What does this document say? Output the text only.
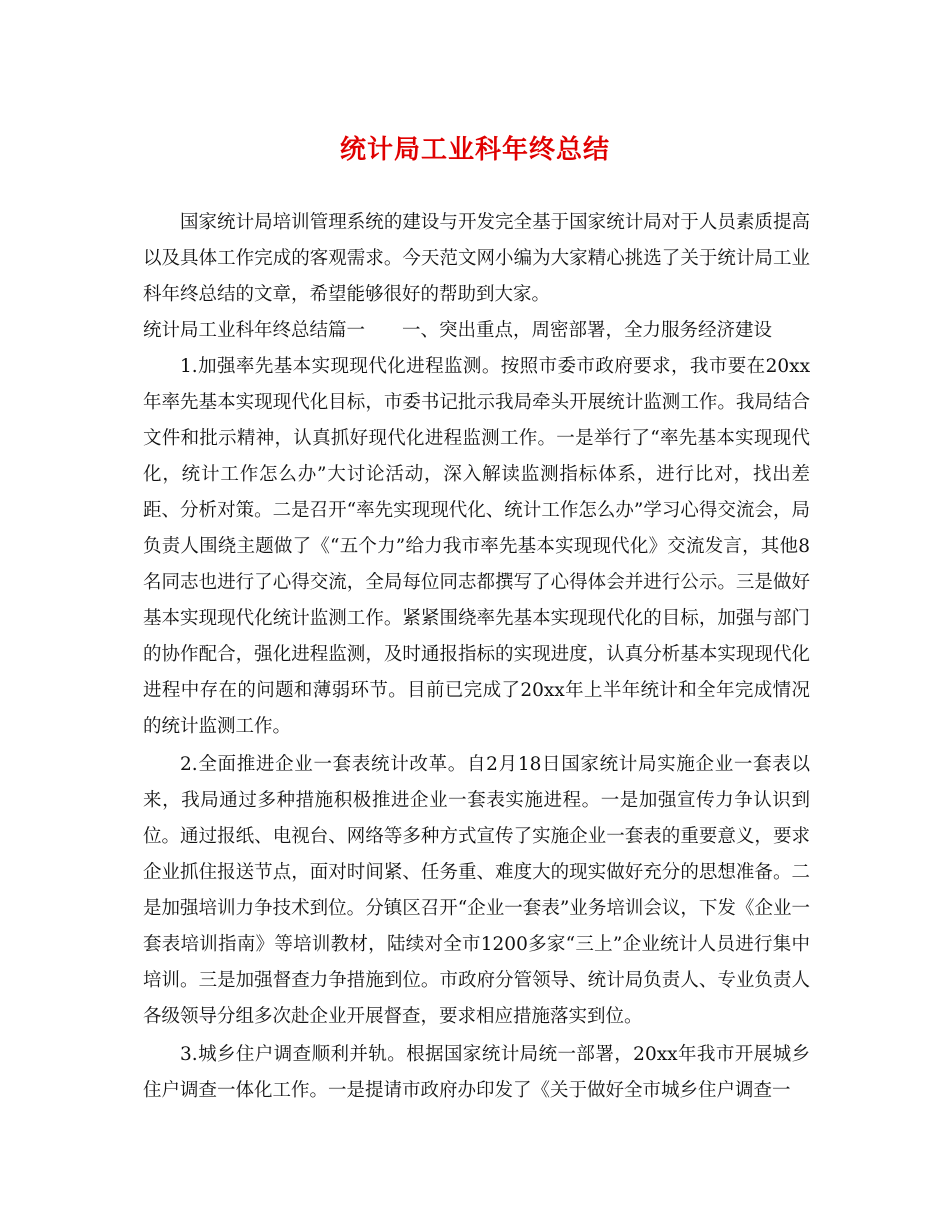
统计局工业科年终总结

国家统计局培训管理系统的建设与开发完全基于国家统计局对于人员素质提高以及具体工作完成的客观需求。今天范文网小编为大家精心挑选了关于统计局工业科年终总结的文章，希望能够很好的帮助到大家。

统计局工业科年终总结篇一　　一、突出重点，周密部署，全力服务经济建设

1.加强率先基本实现现代化进程监测。按照市委市政府要求，我市要在20xx年率先基本实现现代化目标，市委书记批示我局牵头开展统计监测工作。我局结合文件和批示精神，认真抓好现代化进程监测工作。一是举行了“率先基本实现现代化，统计工作怎么办”大讨论活动，深入解读监测指标体系，进行比对，找出差距、分析对策。二是召开“率先实现现代化、统计工作怎么办”学习心得交流会，局负责人围绕主题做了《“五个力”给力我市率先基本实现现代化》交流发言，其他8名同志也进行了心得交流，全局每位同志都撰写了心得体会并进行公示。三是做好基本实现现代化统计监测工作。紧紧围绕率先基本实现现代化的目标，加强与部门的协作配合，强化进程监测，及时通报指标的实现进度，认真分析基本实现现代化进程中存在的问题和薄弱环节。目前已完成了20xx年上半年统计和全年完成情况的统计监测工作。

2.全面推进企业一套表统计改革。自2月18日国家统计局实施企业一套表以来，我局通过多种措施积极推进企业一套表实施进程。一是加强宣传力争认识到位。通过报纸、电视台、网络等多种方式宣传了实施企业一套表的重要意义，要求企业抓住报送节点，面对时间紧、任务重、难度大的现实做好充分的思想准备。二是加强培训力争技术到位。分镇区召开“企业一套表”业务培训会议，下发《企业一套表培训指南》等培训教材，陆续对全市1200多家“三上”企业统计人员进行集中培训。三是加强督查力争措施到位。市政府分管领导、统计局负责人、专业负责人各级领导分组多次赴企业开展督查，要求相应措施落实到位。

3.城乡住户调查顺利并轨。根据国家统计局统一部署，20xx年我市开展城乡住户调查一体化工作。一是提请市政府办印发了《关于做好全市城乡住户调查一
